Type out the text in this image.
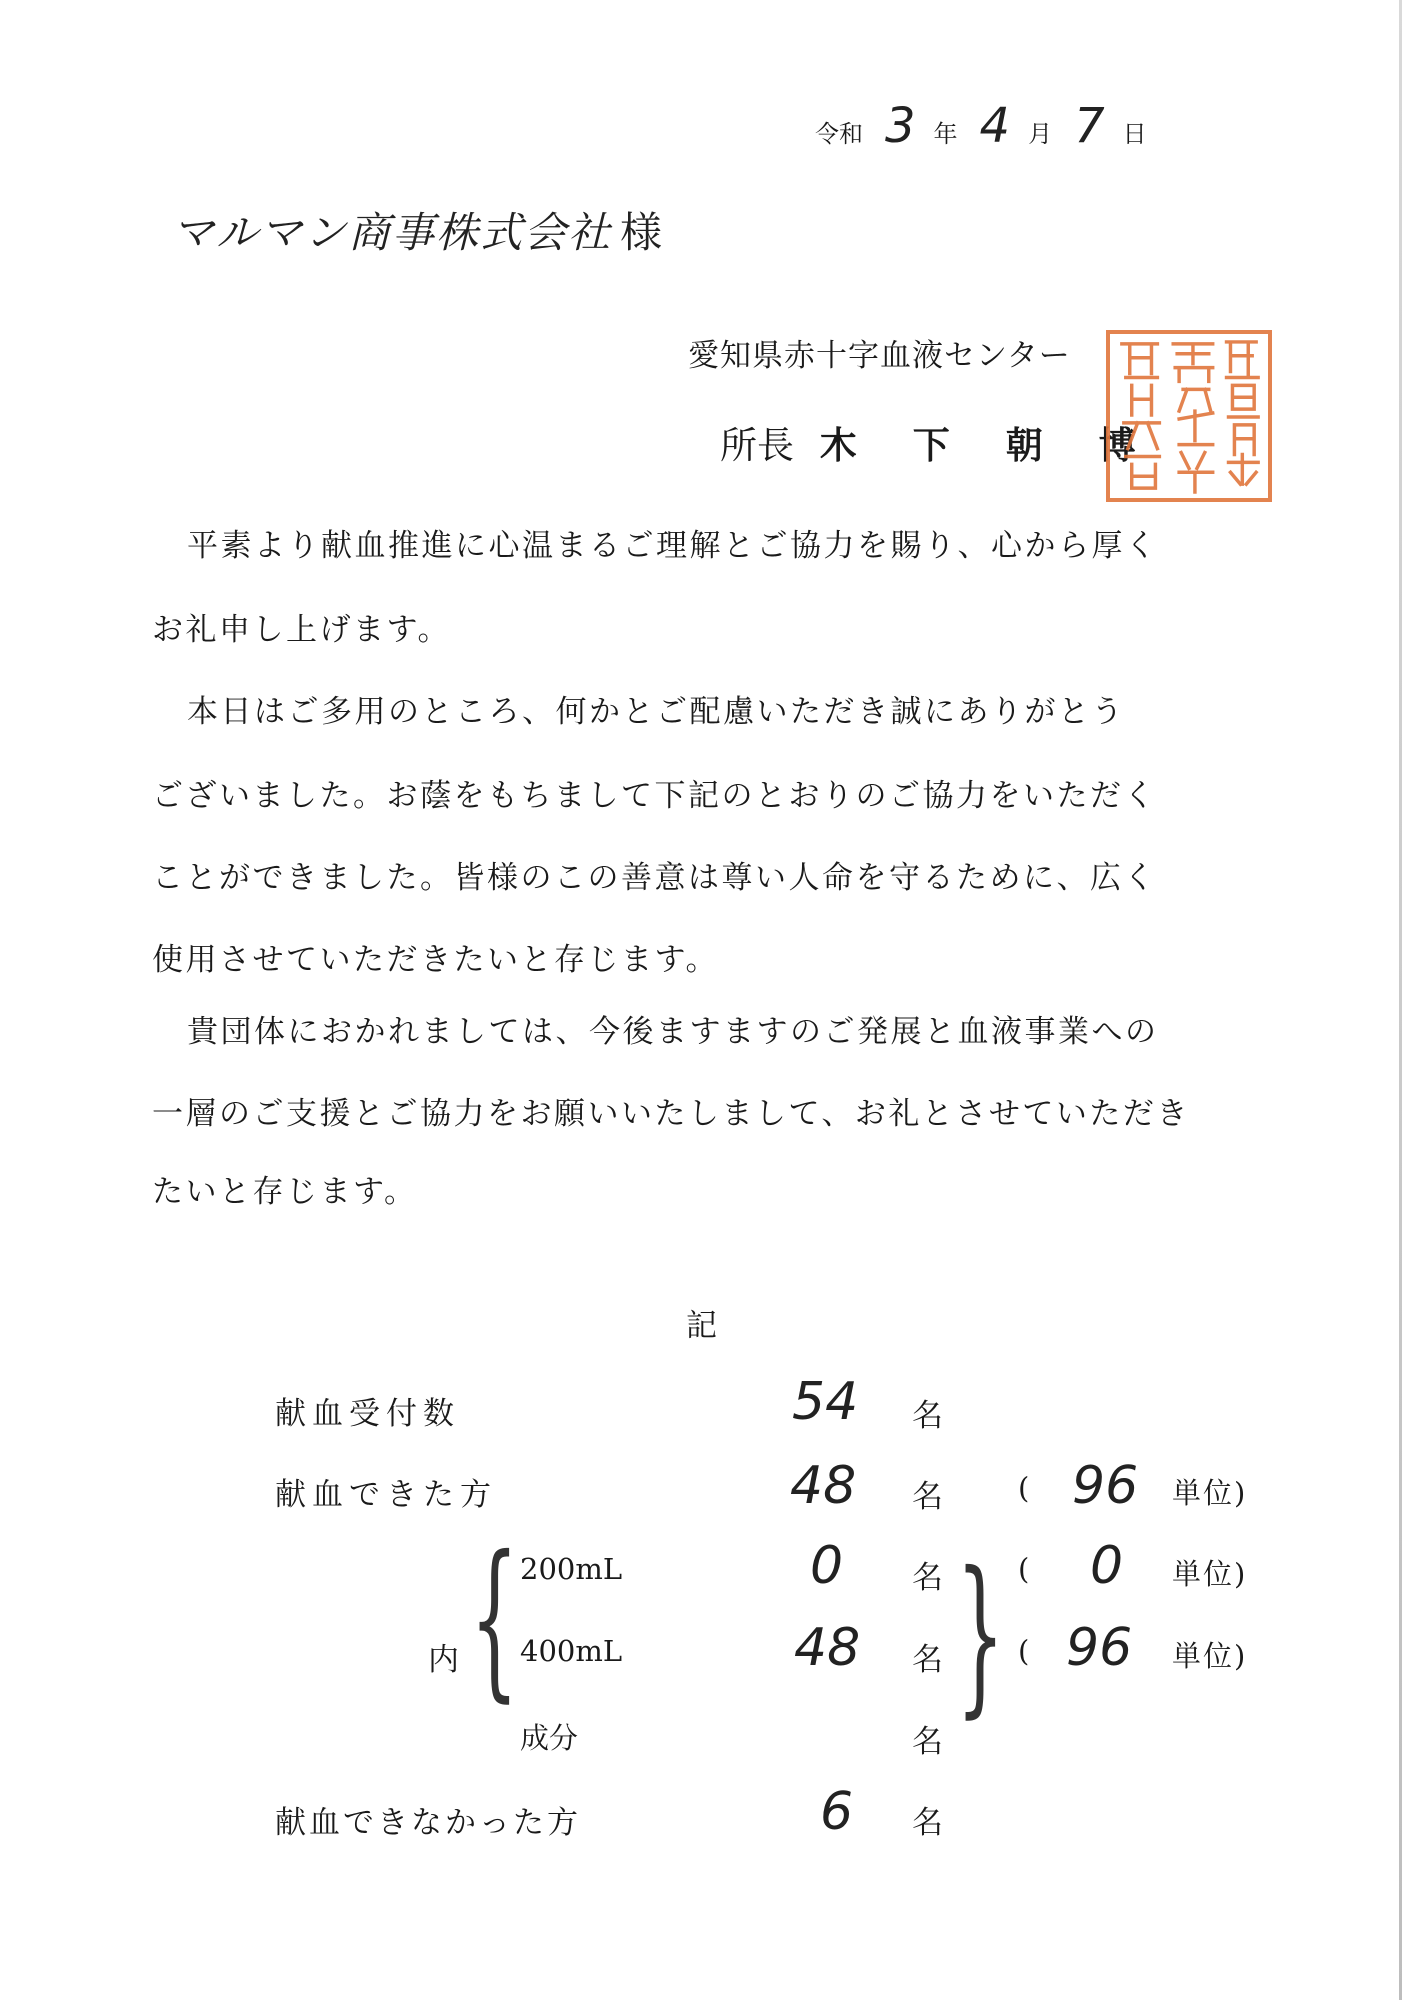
令和 3 年 4 月 7 日
マルマン商事株式会社 様
愛知県赤十字血液センター
所長 木 下 朝 博
平素より献血推進に心温まるご理解とご協力を賜り、心から厚く
お礼申し上げます。
本日はご多用のところ、何かとご配慮いただき誠にありがとう
ございました。お蔭をもちまして下記のとおりのご協力をいただく
ことができました。皆様のこの善意は尊い人命を守るために、広く
使用させていただきたいと存じます。
貴団体におかれましては、今後ますますのご発展と血液事業への
一層のご支援とご協力をお願いいたしまして、お礼とさせていただき
たいと存じます。
記
献血受付数	54 名
献血できた方	48 名	( 96 単位)
内 {	}
200mL	0 名	( 0 単位)
400mL	48 名	( 96 単位)
成分	名
献血できなかった方	6 名
